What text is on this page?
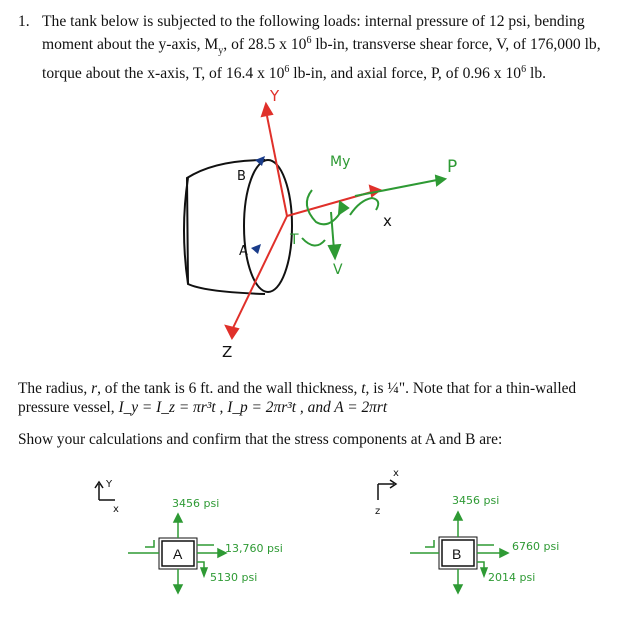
1. The tank below is subjected to the following loads: internal pressure of 12 psi, bending
moment about the y-axis, $M_y$, of 28.5 x $10^6$ lb-in, transverse shear force, V, of 176,000 lb,
torque about the x-axis, T, of 16.4 x $10^6$ lb-in, and axial force, P, of 0.96 x $10^6$ lb.
Y
x
Z
B
A
My	P
T
V
Y
x
A
3456 psi
13,760 psi
5130 psi
x
z
B
3456 psi
6760 psi
2014 psi
The radius, r, of the tank is 6 ft. and the wall thickness, t, is ¼". Note that for a thin-walled
pressure vessel, I_y = I_z = πr³t , I_p = 2πr³t , and A = 2πrt
Show your calculations and confirm that the stress components at A and B are:
